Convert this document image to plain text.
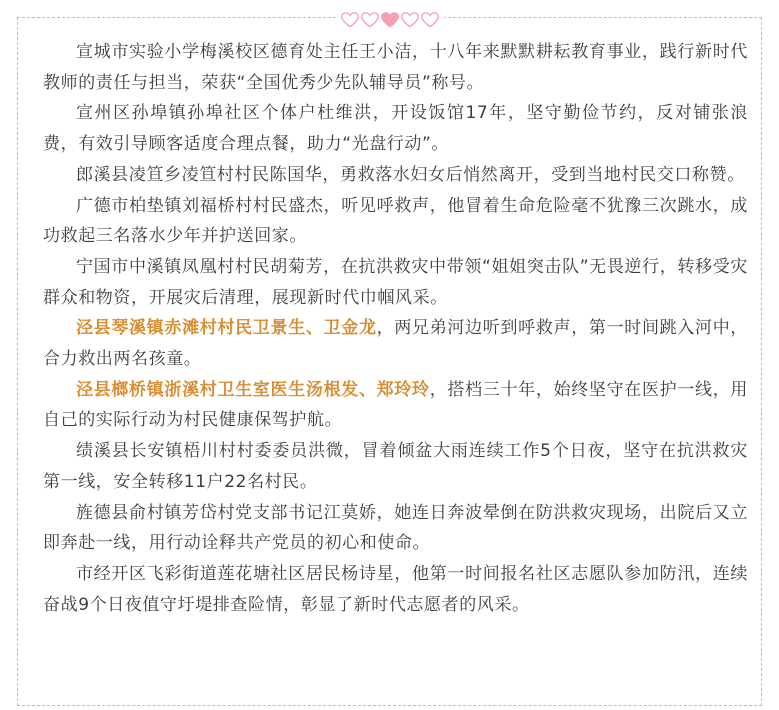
宣城市实验小学梅溪校区德育处主任王小洁，十八年来默默耕耘教育事业，践行新时代教师的责任与担当，荣获“全国优秀少先队辅导员”称号。

宣州区孙埠镇孙埠社区个体户杜维洪，开设饭馆17年，坚守勤俭节约，反对铺张浪费，有效引导顾客适度合理点餐，助力“光盘行动”。

郎溪县凌笪乡凌笪村村民陈国华，勇救落水妇女后悄然离开，受到当地村民交口称赞。

广德市柏垫镇刘福桥村村民盛杰，听见呼救声，他冒着生命危险毫不犹豫三次跳水，成功救起三名落水少年并护送回家。

宁国市中溪镇凤凰村村民胡菊芳，在抗洪救灾中带领“姐姐突击队”无畏逆行，转移受灾群众和物资，开展灾后清理，展现新时代巾帼风采。

泾县琴溪镇赤滩村村民卫景生、卫金龙，两兄弟河边听到呼救声，第一时间跳入河中，合力救出两名孩童。

泾县榔桥镇浙溪村卫生室医生汤根发、郑玲玲，搭档三十年，始终坚守在医护一线，用自己的实际行动为村民健康保驾护航。

绩溪县长安镇梧川村村委委员洪微，冒着倾盆大雨连续工作5个日夜，坚守在抗洪救灾第一线，安全转移11户22名村民。

旌德县俞村镇芳岱村党支部书记江莫娇，她连日奔波晕倒在防洪救灾现场，出院后又立即奔赴一线，用行动诠释共产党员的初心和使命。

市经开区飞彩街道莲花塘社区居民杨诗星，他第一时间报名社区志愿队参加防汛，连续奋战9个日夜值守圩堤排查险情，彰显了新时代志愿者的风采。
